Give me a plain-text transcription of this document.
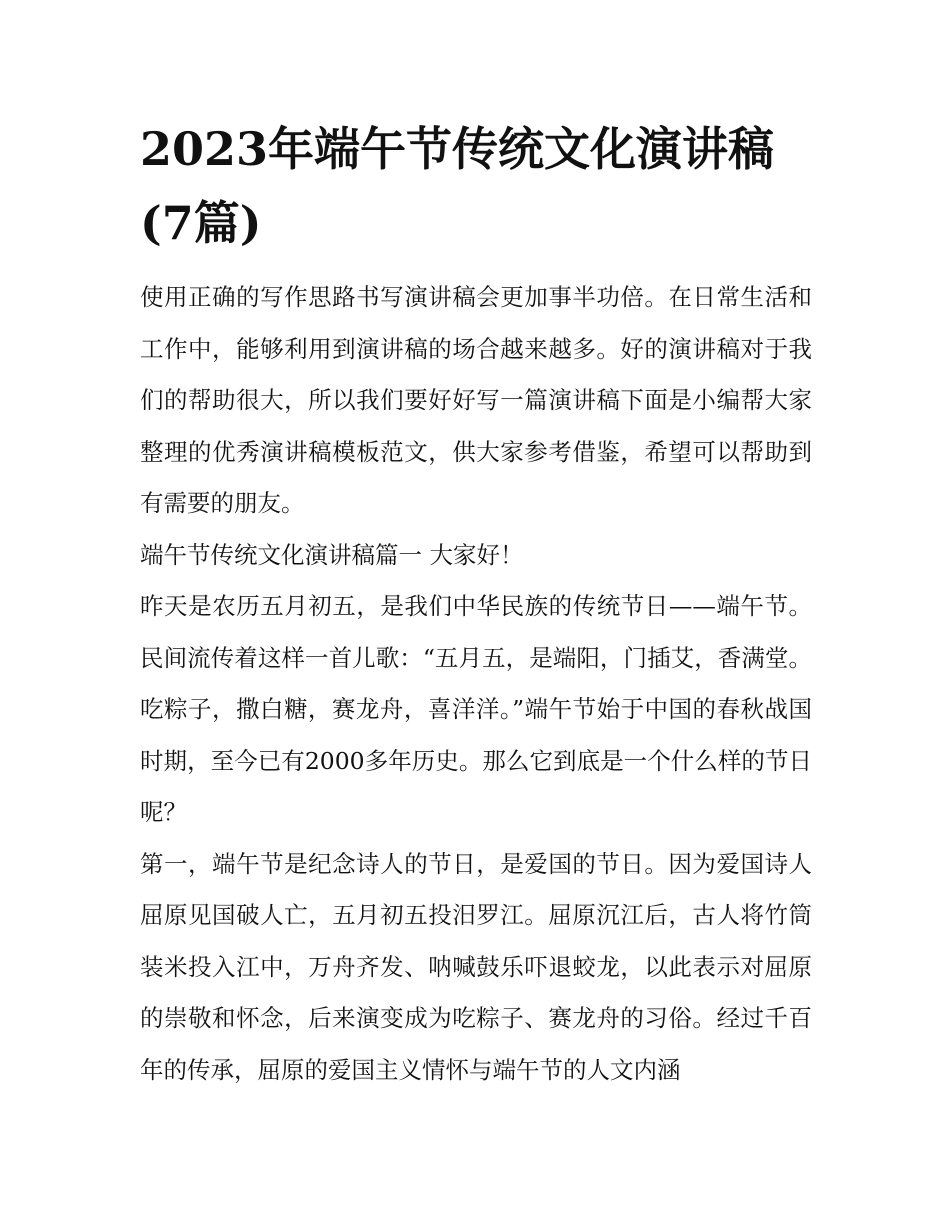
2023年端午节传统文化演讲稿(7篇)

使用正确的写作思路书写演讲稿会更加事半功倍。在日常生活和工作中，能够利用到演讲稿的场合越来越多。好的演讲稿对于我们的帮助很大，所以我们要好好写一篇演讲稿下面是小编帮大家整理的优秀演讲稿模板范文，供大家参考借鉴，希望可以帮助到有需要的朋友。

端午节传统文化演讲稿篇一 大家好！

昨天是农历五月初五，是我们中华民族的传统节日——端午节。民间流传着这样一首儿歌：“五月五，是端阳，门插艾，香满堂。吃粽子，撒白糖，赛龙舟，喜洋洋。”端午节始于中国的春秋战国时期，至今已有2000多年历史。那么它到底是一个什么样的节日呢？

第一，端午节是纪念诗人的节日，是爱国的节日。因为爱国诗人屈原见国破人亡，五月初五投汨罗江。屈原沉江后，古人将竹筒装米投入江中，万舟齐发、呐喊鼓乐吓退蛟龙，以此表示对屈原的崇敬和怀念，后来演变成为吃粽子、赛龙舟的习俗。经过千百年的传承，屈原的爱国主义情怀与端午节的人文内涵
